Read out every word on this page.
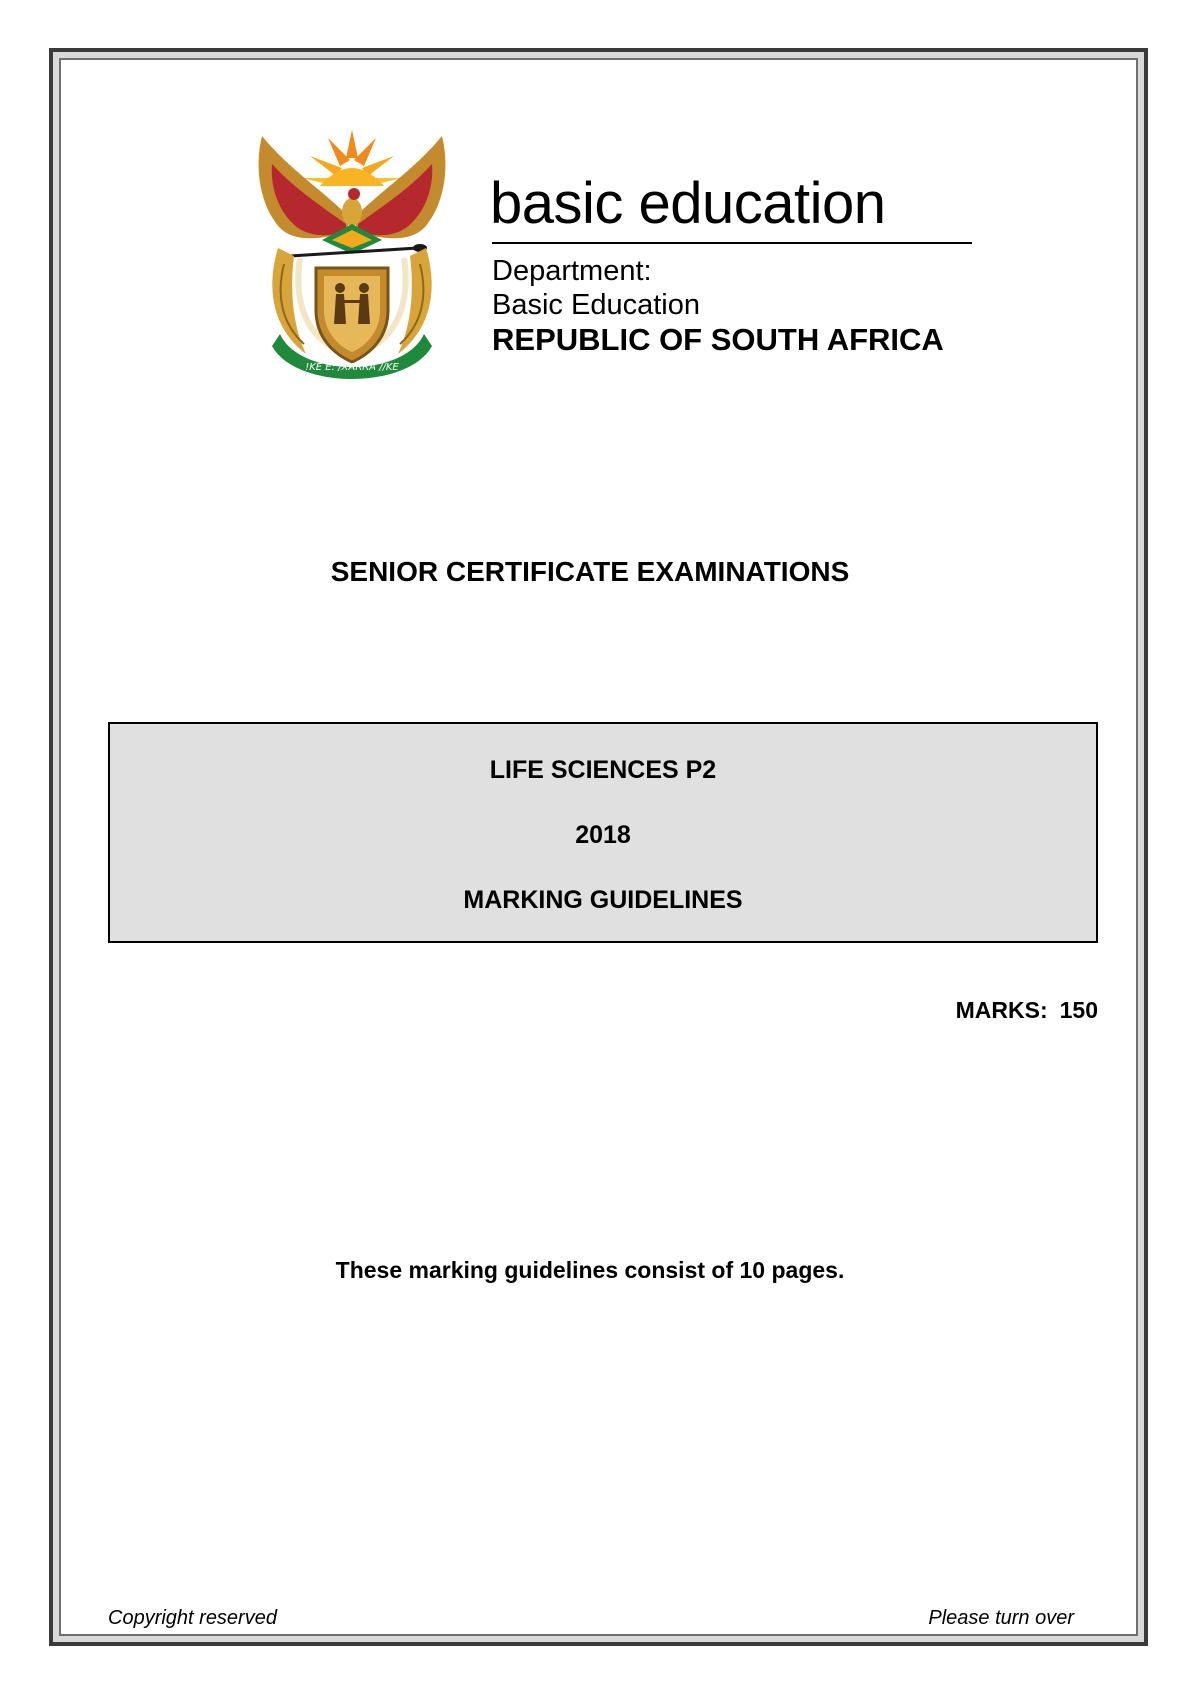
!KE E: /XARRA //KE
basic education
Department:
Basic Education
REPUBLIC OF SOUTH AFRICA
SENIOR CERTIFICATE EXAMINATIONS
LIFE SCIENCES P2
2018
MARKING GUIDELINES
MARKS: 150
These marking guidelines consist of 10 pages.
Copyright reserved	Please turn over
